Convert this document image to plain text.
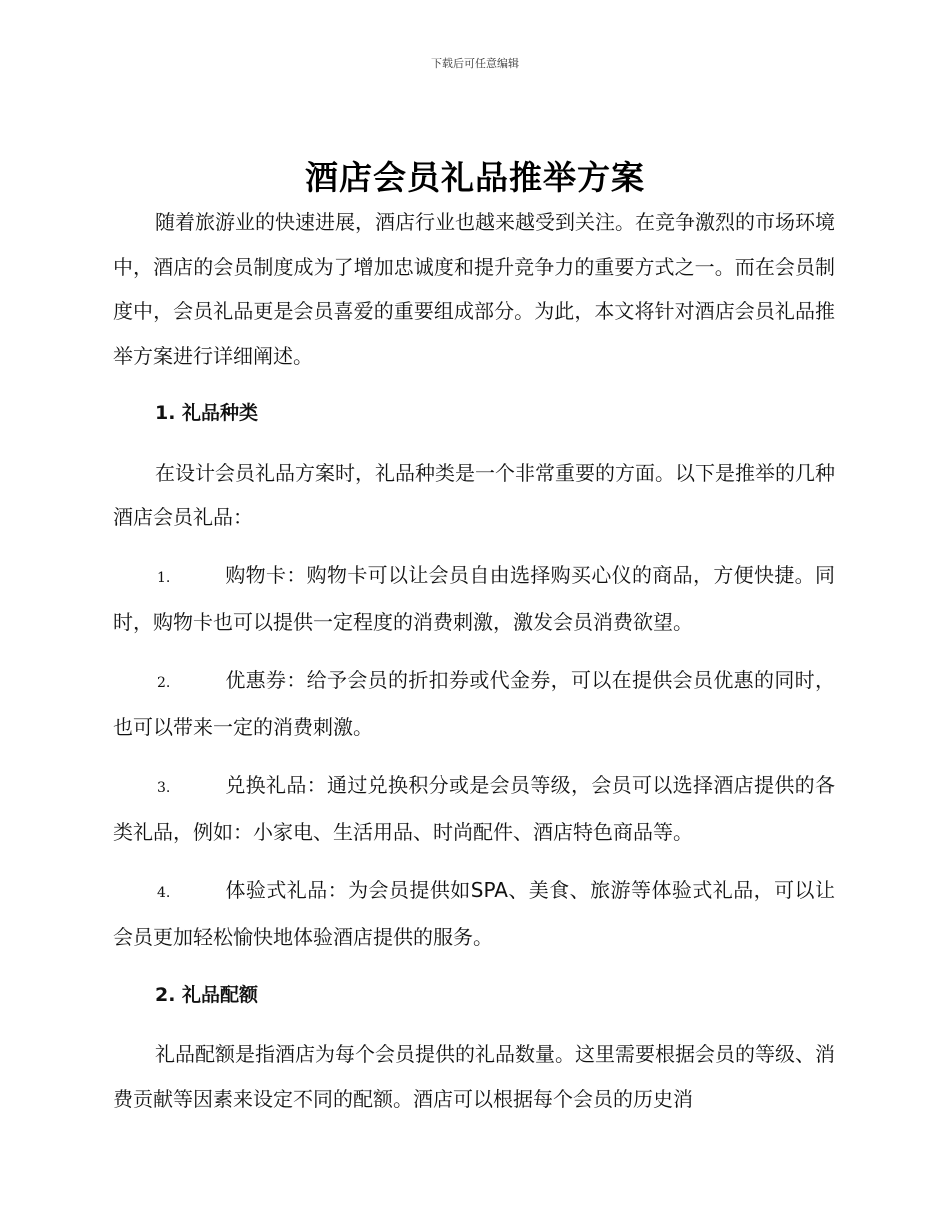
下载后可任意编辑
酒店会员礼品推举方案

随着旅游业的快速进展，酒店行业也越来越受到关注。在竞争激烈的市场环境中，酒店的会员制度成为了增加忠诚度和提升竞争力的重要方式之一。而在会员制度中，会员礼品更是会员喜爱的重要组成部分。为此，本文将针对酒店会员礼品推举方案进行详细阐述。

1. 礼品种类

在设计会员礼品方案时，礼品种类是一个非常重要的方面。以下是推举的几种酒店会员礼品：

1.	购物卡：购物卡可以让会员自由选择购买心仪的商品，方便快捷。同时，购物卡也可以提供一定程度的消费刺激，激发会员消费欲望。

2.	优惠券：给予会员的折扣券或代金券，可以在提供会员优惠的同时，也可以带来一定的消费刺激。

3.	兑换礼品：通过兑换积分或是会员等级，会员可以选择酒店提供的各类礼品，例如：小家电、生活用品、时尚配件、酒店特色商品等。

4.	体验式礼品：为会员提供如SPA、美食、旅游等体验式礼品，可以让会员更加轻松愉快地体验酒店提供的服务。

2. 礼品配额

礼品配额是指酒店为每个会员提供的礼品数量。这里需要根据会员的等级、消费贡献等因素来设定不同的配额。酒店可以根据每个会员的历史消
